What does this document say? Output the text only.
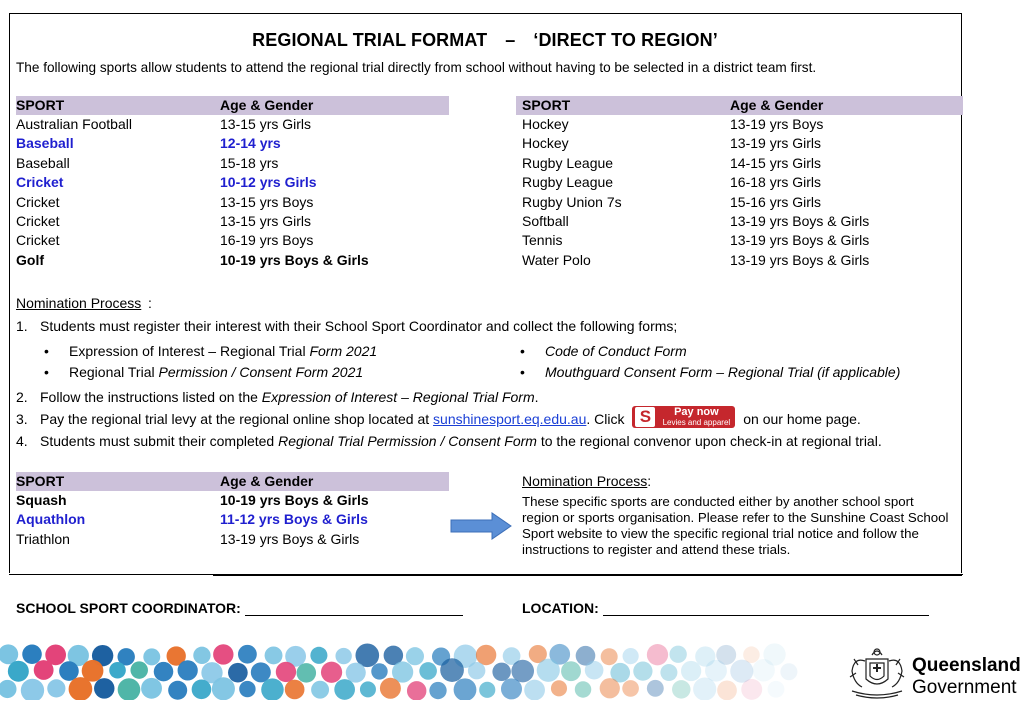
REGIONAL TRIAL FORMAT – ‘DIRECT TO REGION’
The following sports allow students to attend the regional trial directly from school without having to be selected in a district team first.
SPORT	Age & Gender
Australian Football	13-15 yrs Girls
Baseball	12-14 yrs
Baseball	15-18 yrs
Cricket	10-12 yrs Girls
Cricket	13-15 yrs Boys
Cricket	13-15 yrs Girls
Cricket	16-19 yrs Boys
Golf	10-19 yrs Boys & Girls
SPORT	Age & Gender
Hockey	13-19 yrs Boys
Hockey	13-19 yrs Girls
Rugby League	14-15 yrs Girls
Rugby League	16-18 yrs Girls
Rugby Union 7s	15-16 yrs Girls
Softball	13-19 yrs Boys & Girls
Tennis	13-19 yrs Boys & Girls
Water Polo	13-19 yrs Boys & Girls
Nomination Process :
1. Students must register their interest with their School Sport Coordinator and collect the following forms;
• Expression of Interest – Regional Trial Form 2021
• Regional Trial Permission / Consent Form 2021
• Code of Conduct Form
• Mouthguard Consent Form – Regional Trial (if applicable)
2. Follow the instructions listed on the Expression of Interest – Regional Trial Form.
3. Pay the regional trial levy at the regional online shop located at sunshinesport.eq.edu.au. Click S	Pay now
Levies and apparel on our home page.
4. Students must submit their completed Regional Trial Permission / Consent Form to the regional convenor upon check-in at regional trial.
SPORT	Age & Gender
Squash	10-19 yrs Boys & Girls
Aquathlon	11-12 yrs Boys & Girls
Triathlon	13-19 yrs Boys & Girls
Nomination Process:
These specific sports are conducted either by another school sport region or sports organisation. Please refer to the Sunshine Coast School Sport website to view the specific regional trial notice and follow the instructions to register and attend these trials.
SCHOOL SPORT COORDINATOR:	LOCATION:
Queensland
Government
